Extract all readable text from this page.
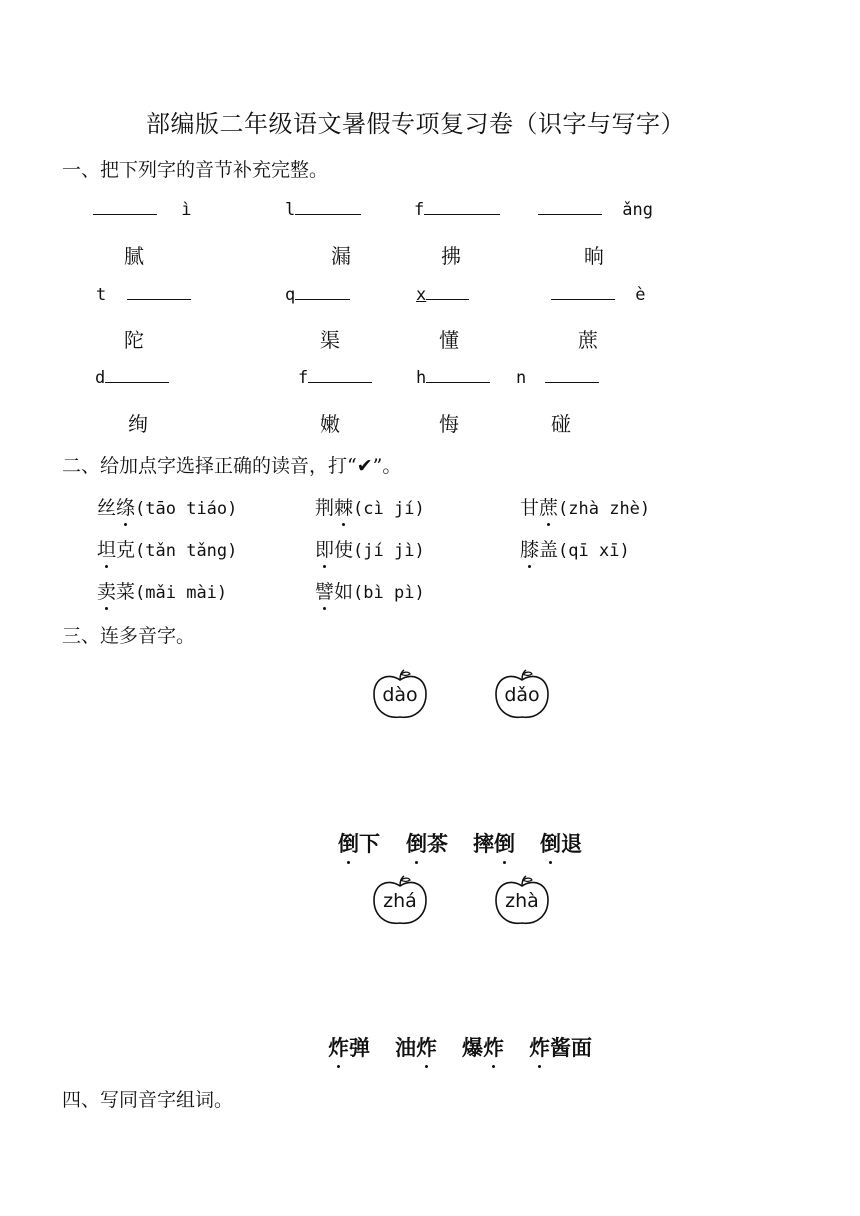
部编版二年级语文暑假专项复习卷（识字与写字）
一、把下列字的音节补充完整。
ì	l	f	ǎng
腻	漏	拂	晌
t	q	x	è
陀	渠	懂	蔗
d	f	h	n
绚	嫩	悔	碰
二、给加点字选择正确的读音，打“✔”。
丝绦(tāo tiáo)	荆棘(cì jí)	甘蔗(zhà zhè)
坦克(tǎn tǎng)	即使(jí jì)	膝盖(qī xī)
卖菜(mǎi mài)	譬如(bì pì)
三、连多音字。
dào	dǎo
倒下 倒茶 摔倒 倒退
zhá	zhà
炸弹 油炸 爆炸 炸酱面
四、写同音字组词。
